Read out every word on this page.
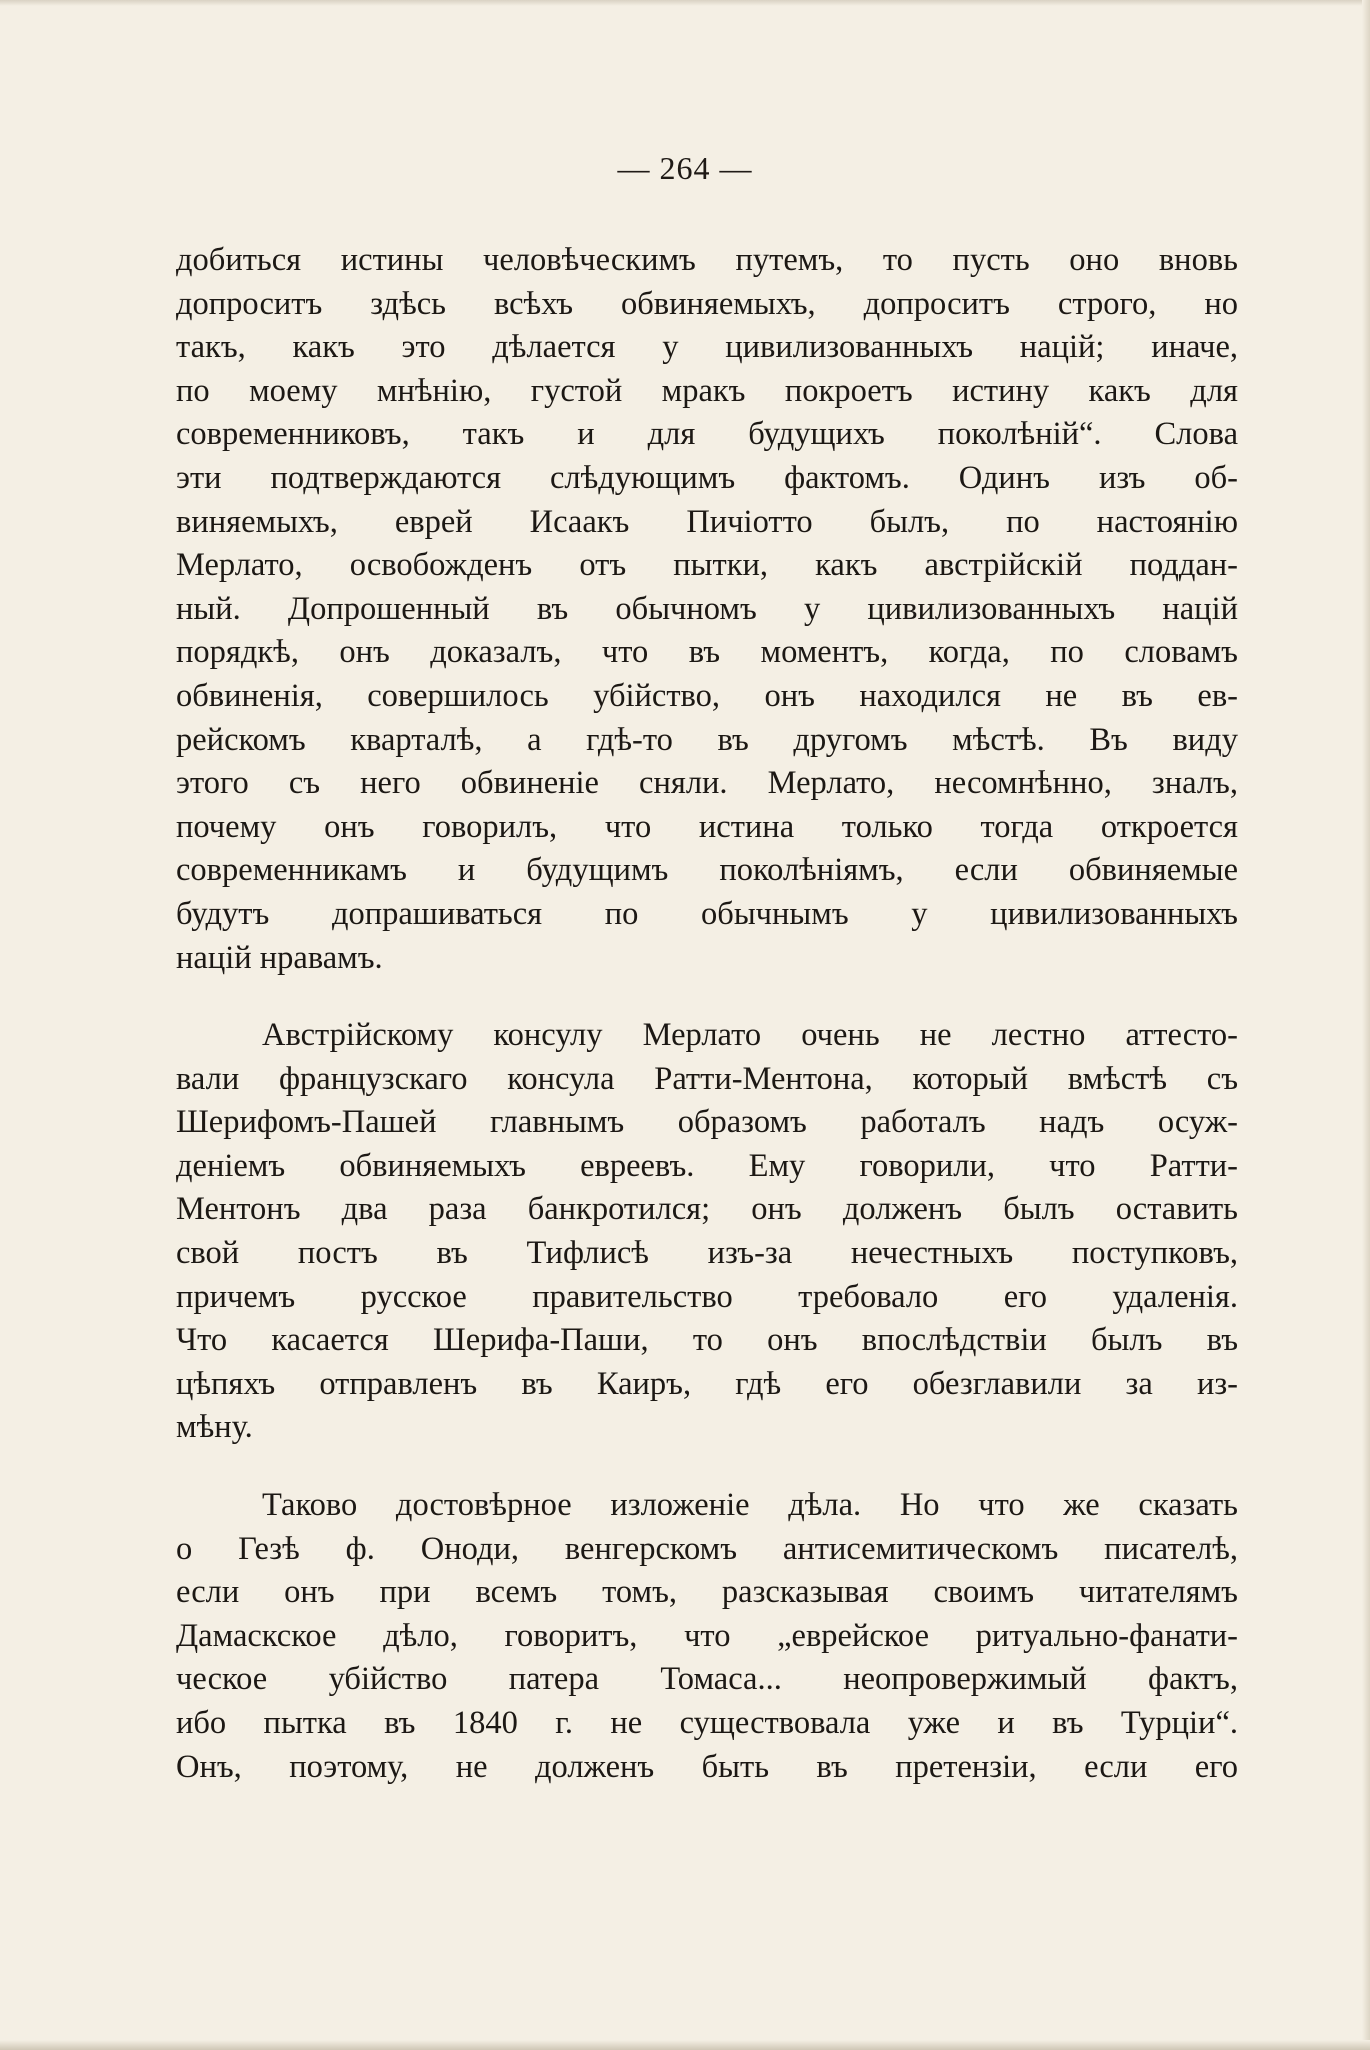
— 264 —
добиться истины человѣческимъ путемъ, то пусть оно вновь
допроситъ здѣсь всѣхъ обвиняемыхъ, допроситъ строго, но
такъ, какъ это дѣлается у цивилизованныхъ націй; иначе,
по моему мнѣнію, густой мракъ покроетъ истину какъ для
современниковъ, такъ и для будущихъ поколѣній“. Слова
эти подтверждаются слѣдующимъ фактомъ. Одинъ изъ об-
виняемыхъ, еврей Исаакъ Пичіотто былъ, по настоянію
Мерлато, освобожденъ отъ пытки, какъ австрійскій поддан-
ный. Допрошенный въ обычномъ у цивилизованныхъ націй
порядкѣ, онъ доказалъ, что въ моментъ, когда, по словамъ
обвиненія, совершилось убійство, онъ находился не въ ев-
рейскомъ кварталѣ, а гдѣ-то въ другомъ мѣстѣ. Въ виду
этого съ него обвиненіе сняли. Мерлато, несомнѣнно, зналъ,
почему онъ говорилъ, что истина только тогда откроется
современникамъ и будущимъ поколѣніямъ, если обвиняемые
будутъ допрашиваться по обычнымъ у цивилизованныхъ
націй нравамъ.
Австрійскому консулу Мерлато очень не лестно аттесто-
вали французскаго консула Ратти-Ментона, который вмѣстѣ съ
Шерифомъ-Пашей главнымъ образомъ работалъ надъ осуж-
деніемъ обвиняемыхъ евреевъ. Ему говорили, что Ратти-
Ментонъ два раза банкротился; онъ долженъ былъ оставить
свой постъ въ Тифлисѣ изъ-за нечестныхъ поступковъ,
причемъ русское правительство требовало его удаленія.
Что касается Шерифа-Паши, то онъ впослѣдствіи былъ въ
цѣпяхъ отправленъ въ Каиръ, гдѣ его обезглавили за из-
мѣну.
Таково достовѣрное изложеніе дѣла. Но что же сказать
о Гезѣ ф. Оноди, венгерскомъ антисемитическомъ писателѣ,
если онъ при всемъ томъ, разсказывая своимъ читателямъ
Дамаскское дѣло, говоритъ, что „еврейское ритуально-фанати-
ческое убійство патера Томаса... неопровержимый фактъ,
ибо пытка въ 1840 г. не существовала уже и въ Турціи“.
Онъ, поэтому, не долженъ быть въ претензіи, если его
